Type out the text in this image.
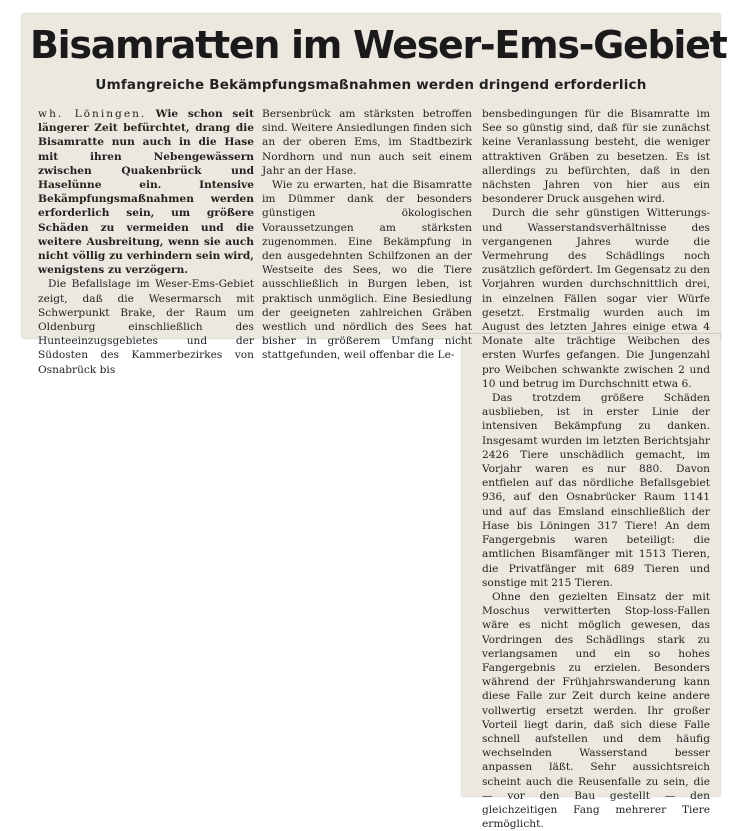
Bisamratten im Weser-Ems-Gebiet
Umfangreiche Bekämpfungsmaßnahmen werden dringend erforderlich

wh. Löningen. Wie schon seit längerer Zeit befürchtet, drang die Bisamratte nun auch in die Hase mit ihren Nebengewässern zwischen Quakenbrück und Haselünne ein. Intensive Bekämpfungsmaßnahmen werden erforderlich sein, um größere Schäden zu vermeiden und die weitere Ausbreitung, wenn sie auch nicht völlig zu verhindern sein wird, wenigstens zu verzögern.

Die Befallslage im Weser-Ems-Gebiet zeigt, daß die Wesermarsch mit Schwerpunkt Brake, der Raum um Oldenburg einschließlich des Hunteeinzugsgebietes und der Südosten des Kammerbezirkes von Osnabrück bis

Bersenbrück am stärksten betroffen sind. Weitere Ansiedlungen finden sich an der oberen Ems, im Stadtbezirk Nordhorn und nun auch seit einem Jahr an der Hase.

Wie zu erwarten, hat die Bisamratte im Dümmer dank der besonders günstigen ökologischen Voraussetzungen am stärksten zugenommen. Eine Bekämpfung in den ausgedehnten Schilfzonen an der Westseite des Sees, wo die Tiere ausschließlich in Burgen leben, ist praktisch unmöglich. Eine Besiedlung der geeigneten zahlreichen Gräben westlich und nördlich des Sees hat bisher in größerem Umfang nicht stattgefunden, weil offenbar die Le-

bensbedingungen für die Bisamratte im See so günstig sind, daß für sie zunächst keine Veranlassung besteht, die weniger attraktiven Gräben zu besetzen. Es ist allerdings zu befürchten, daß in den nächsten Jahren von hier aus ein besonderer Druck ausgehen wird.

Durch die sehr günstigen Witterungs- und Wasserstandsverhältnisse des vergangenen Jahres wurde die Vermehrung des Schädlings noch zusätzlich gefördert. Im Gegensatz zu den Vorjahren wurden durchschnittlich drei, in einzelnen Fällen sogar vier Würfe gesetzt. Erstmalig wurden auch im August des letzten Jahres einige etwa 4 Monate alte trächtige Weibchen des ersten Wurfes gefangen. Die Jungenzahl pro Weibchen schwankte zwischen 2 und 10 und betrug im Durchschnitt etwa 6.

Das trotzdem größere Schäden ausblieben, ist in erster Linie der intensiven Bekämpfung zu danken. Insgesamt wurden im letzten Berichtsjahr 2426 Tiere unschädlich gemacht, im Vorjahr waren es nur 880. Davon entfielen auf das nördliche Befallsgebiet 936, auf den Osnabrücker Raum 1141 und auf das Emsland einschließlich der Hase bis Löningen 317 Tiere! An dem Fangergebnis waren beteiligt: die amtlichen Bisamfänger mit 1513 Tieren, die Privatfänger mit 689 Tieren und sonstige mit 215 Tieren.

Ohne den gezielten Einsatz der mit Moschus verwitterten Stop-loss-Fallen wäre es nicht möglich gewesen, das Vordringen des Schädlings stark zu verlangsamen und ein so hohes Fangergebnis zu erzielen. Besonders während der Frühjahrswanderung kann diese Falle zur Zeit durch keine andere vollwertig ersetzt werden. Ihr großer Vorteil liegt darin, daß sich diese Falle schnell aufstellen und dem häufig wechselnden Wasserstand besser anpassen läßt. Sehr aussichtsreich scheint auch die Reusenfalle zu sein, die — vor den Bau gestellt — den gleichzeitigen Fang mehrerer Tiere ermöglicht.
